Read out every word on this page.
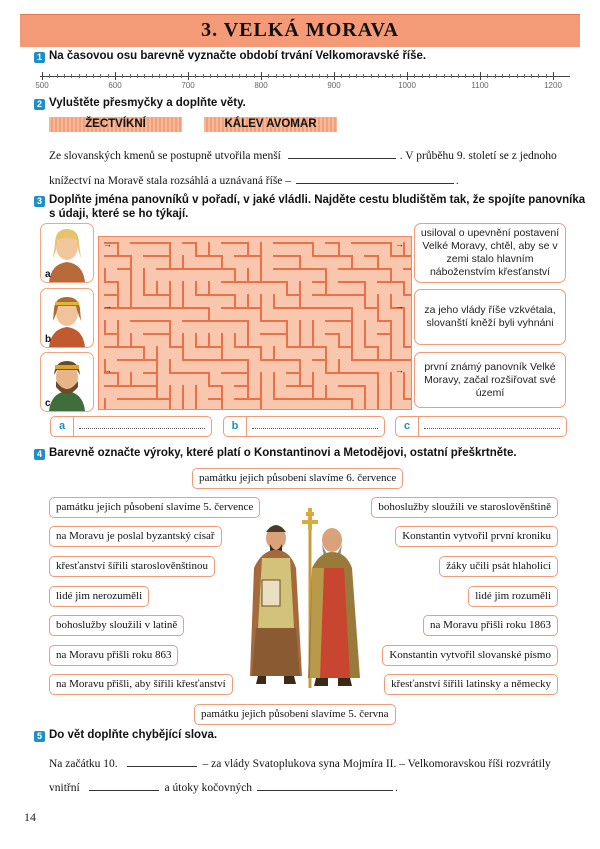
3. VELKÁ MORAVA
1 Na časovou osu barevně vyznačte období trvání Velkomoravské říše.
500	600	700	800	900	1000	1100	1200
2 Vyluštěte přesmyčky a doplňte věty.
ŽECTVÍKNÍ	KÁLEV AVOMAR
Ze slovanských kmenů se postupně utvořila menší	. V průběhu 9. století se z jednoho
knížectví na Moravě stala rozsáhlá a uznávaná říše –	.
3 Doplňte jména panovníků v pořadí, v jaké vládli. Najděte cestu bludištěm tak, že spojíte panovníka
s údaji, které se ho týkají.
a
b
c
→
→
→
→
→
→
usiloval o upevnění postavení Velké Moravy, chtěl, aby se v zemi stalo hlavním náboženstvím křesťanství
za jeho vlády říše vzkvétala, slovanští kněží byli vyhnáni
první známý panovník Velké Moravy, začal rozšiřovat své území
a	b	c
4 Barevně označte výroky, které platí o Konstantinovi a Metodějovi, ostatní přeškrtněte.
památku jejich působení slavíme 6. července
památku jejich působení slavíme 5. července
na Moravu je poslal byzantský císař
křesťanství šířili staroslověnštinou
lidé jim nerozuměli
bohoslužby sloužili v latině
na Moravu přišli roku 863
na Moravu přišli, aby šířili křesťanství
bohoslužby sloužili ve staroslověnštině
Konstantin vytvořil první kroniku
žáky učili psát hlaholicí
lidé jim rozuměli
na Moravu přišli roku 1863
Konstantin vytvořil slovanské písmo
křesťanství šířili latinsky a německy
památku jejich působení slavíme 5. června
5 Do vět doplňte chybějící slova.
Na začátku 10.	– za vlády Svatoplukova syna Mojmíra II. – Velkomoravskou říši rozvrátily
vnitřní	a útoky kočovných	.
14
